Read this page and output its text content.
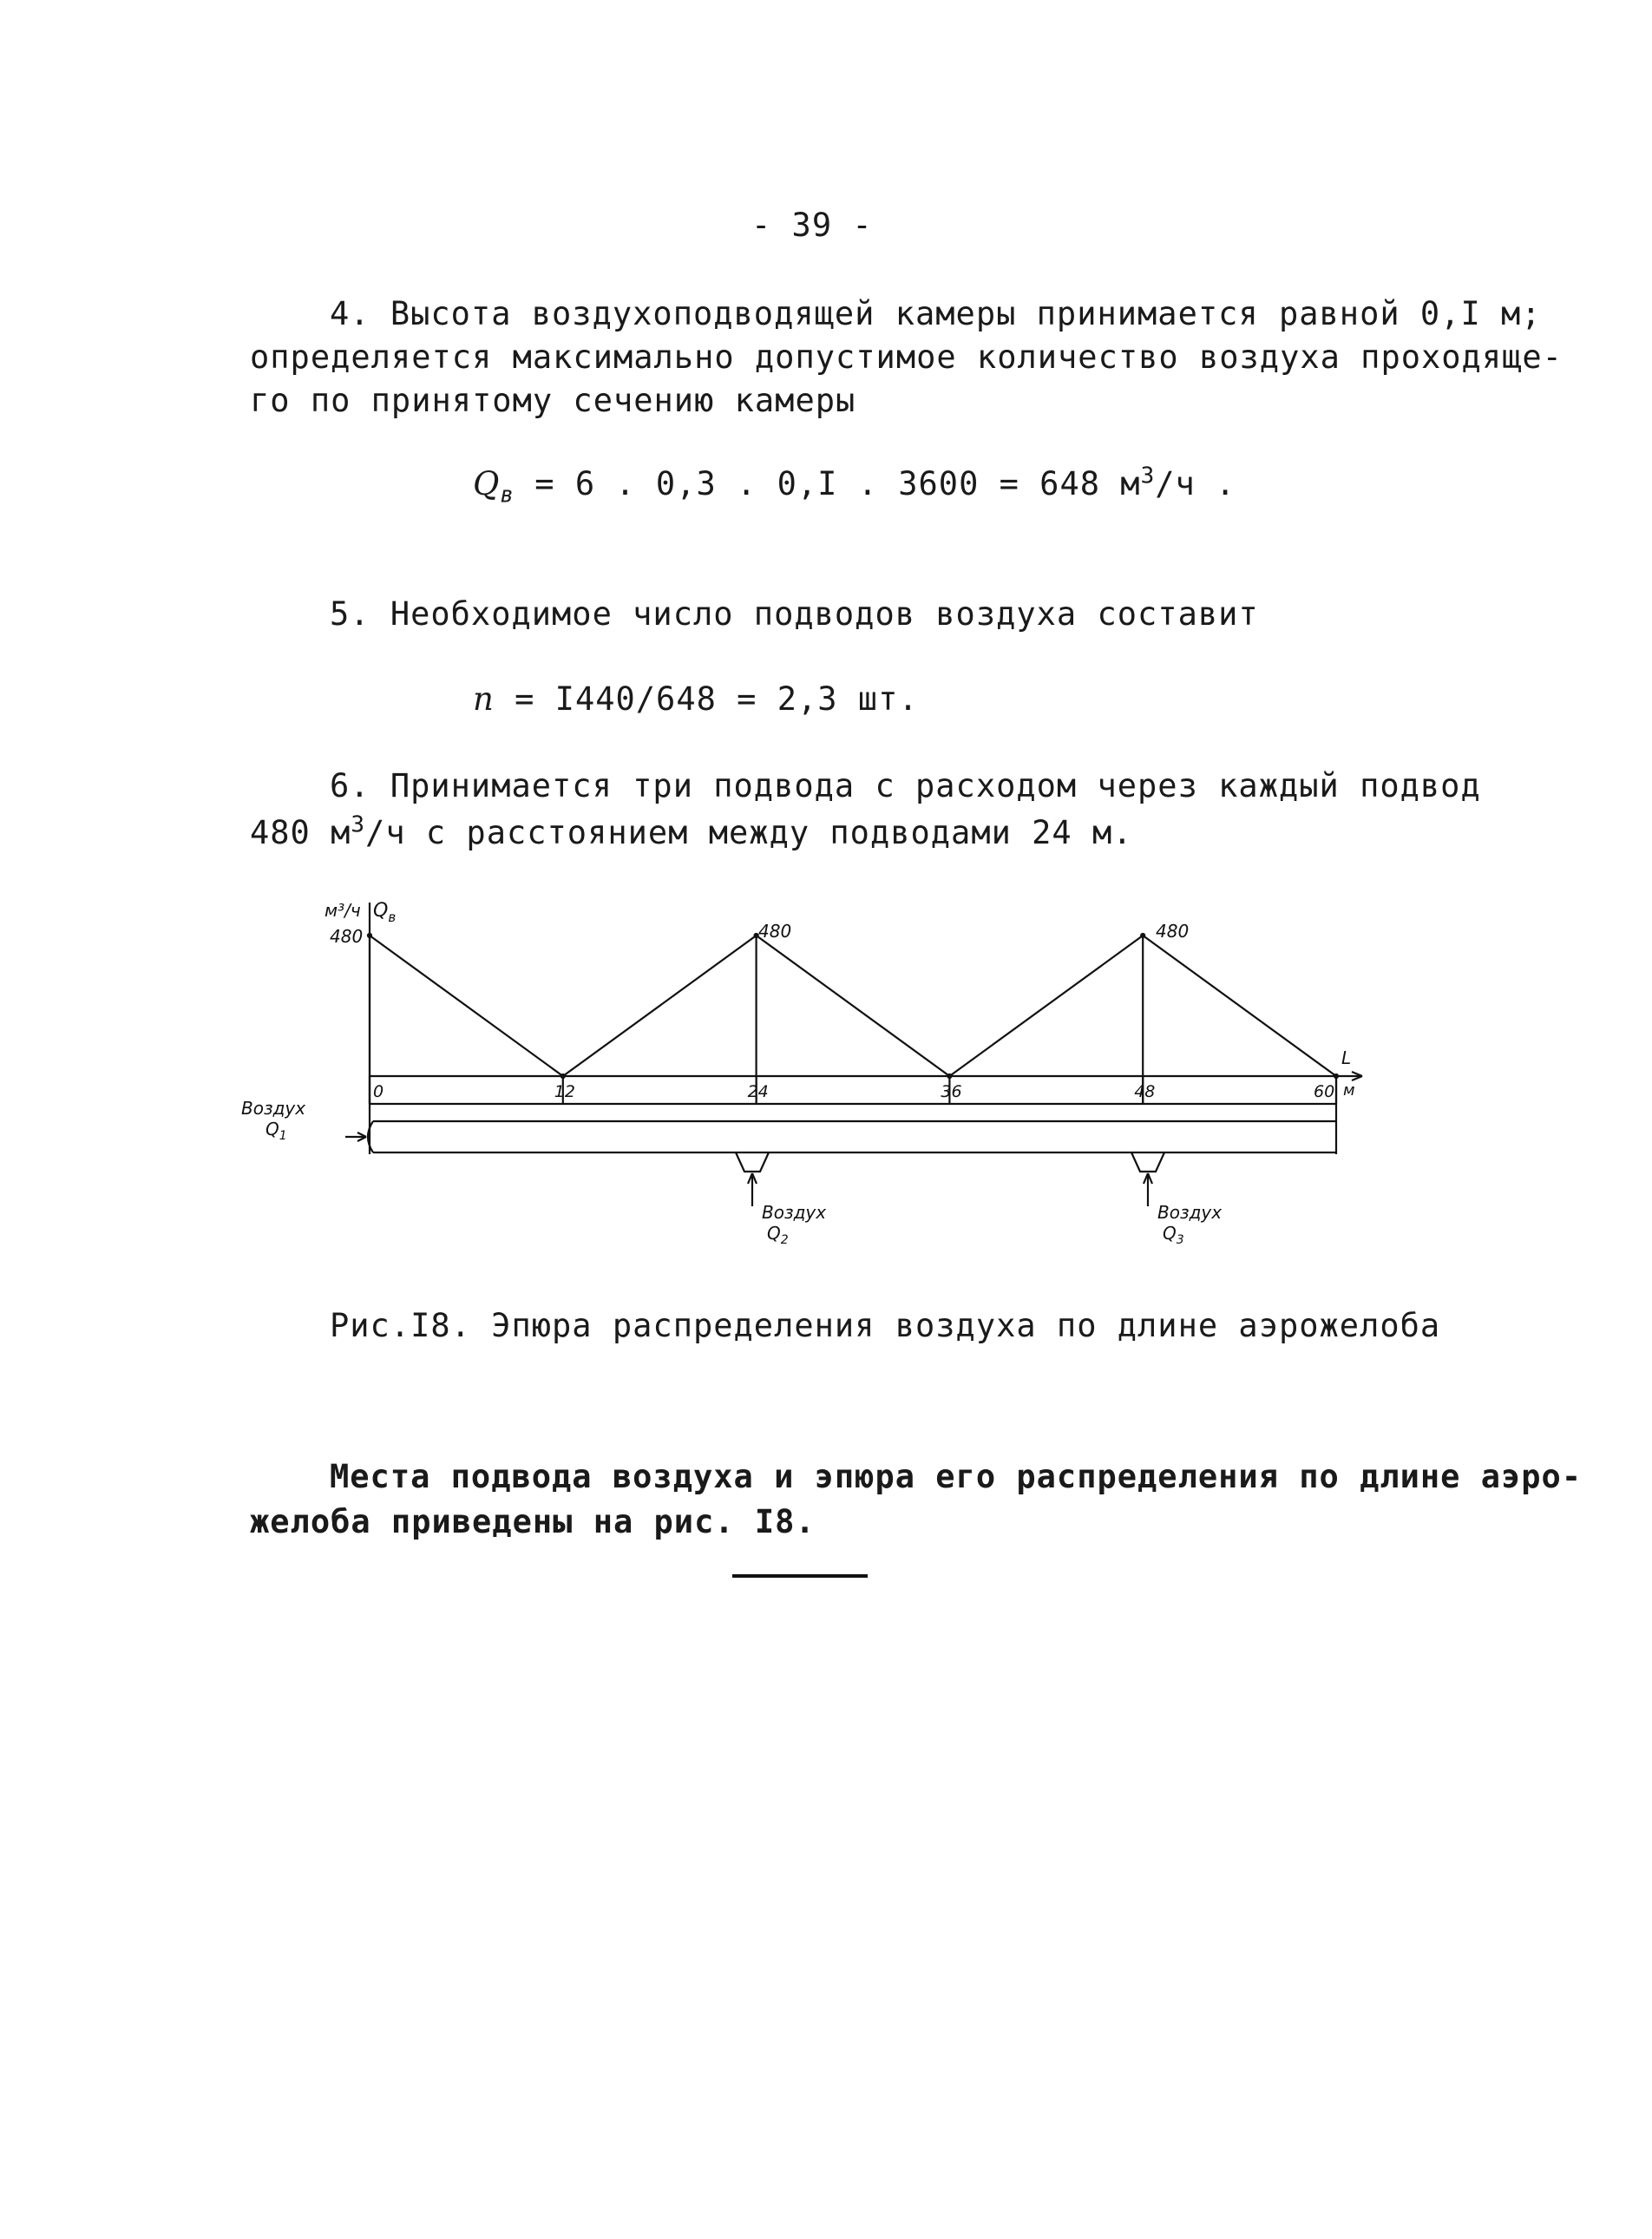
- 39 -
4. Высота воздухоподводящей камеры принимается равной 0,I м;
определяется максимально допустимое количество воздуха проходяще-
го по принятому сечению камеры
$Q_в = 6$ . 0,3 . 0,I . 3600 = 648 $м^3/ч$ .
5. Необходимое число подводов воздуха составит
n = I440/648 = 2,3 шт.
6. Принимается три подвода с расходом через каждый подвод
480 $м^3/ч$ с расстоянием между подводами 24 м.
0	12	24	36	48	60
м³/ч $Q_в$
480	480	480
L
м
Воздух
$Q_1$
Воздух
$Q_2$
Воздух
$Q_3$
Рис.I8. Эпюра распределения воздуха по длине аэрожелоба
Места подвода воздуха и эпюра его распределения по длине аэро-
желоба приведены на рис. I8.
